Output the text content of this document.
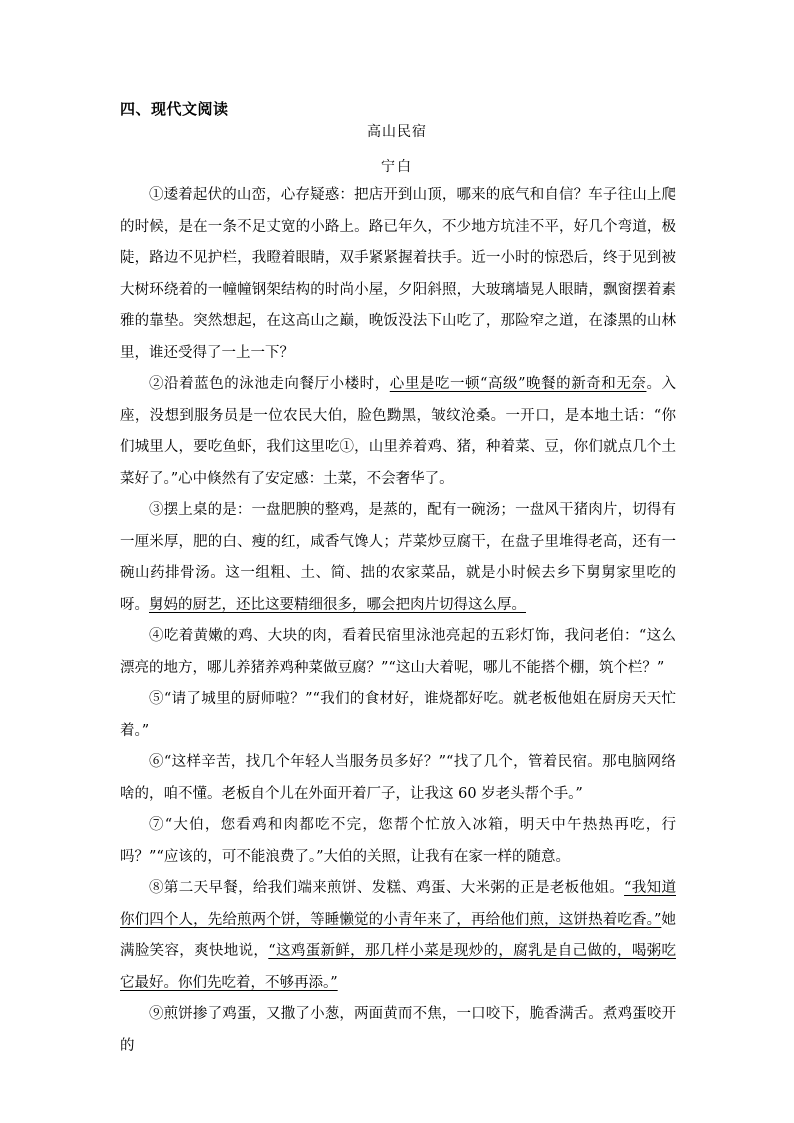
四、现代文阅读
高山民宿
宁白

①逶着起伏的山峦，心存疑惑：把店开到山顶，哪来的底气和自信？车子往山上爬的时候，是在一条不足丈宽的小路上。路已年久，不少地方坑洼不平，好几个弯道，极陡，路边不见护栏，我瞪着眼睛，双手紧紧握着扶手。近一小时的惊恐后，终于见到被大树环绕着的一幢幢钢架结构的时尚小屋，夕阳斜照，大玻璃墙晃人眼睛，飘窗摆着素雅的靠垫。突然想起，在这高山之巅，晚饭没法下山吃了，那险窄之道，在漆黑的山林里，谁还受得了一上一下？

②沿着蓝色的泳池走向餐厅小楼时，心里是吃一顿“高级”晚餐的新奇和无奈。入座，没想到服务员是一位农民大伯，脸色黝黑，皱纹沧桑。一开口，是本地土话：“你们城里人，要吃鱼虾，我们这里吃①，山里养着鸡、猪，种着菜、豆，你们就点几个土菜好了。”心中倏然有了安定感：土菜，不会奢华了。

③摆上桌的是：一盘肥腴的整鸡，是蒸的，配有一碗汤；一盘风干猪肉片，切得有一厘米厚，肥的白、瘦的红，咸香气馋人；芹菜炒豆腐干，在盘子里堆得老高，还有一碗山药排骨汤。这一组粗、土、简、拙的农家菜品，就是小时候去乡下舅舅家里吃的呀。舅妈的厨艺，还比这要精细很多，哪会把肉片切得这么厚。

④吃着黄嫩的鸡、大块的肉，看着民宿里泳池亮起的五彩灯饰，我问老伯：“这么漂亮的地方，哪儿养猪养鸡种菜做豆腐？”“这山大着呢，哪儿不能搭个棚，筑个栏？”

⑤“请了城里的厨师啦？”“我们的食材好，谁烧都好吃。就老板他姐在厨房天天忙着。”

⑥“这样辛苦，找几个年轻人当服务员多好？”“找了几个，管着民宿。那电脑网络啥的，咱不懂。老板自个儿在外面开着厂子，让我这 60 岁老头帮个手。”

⑦“大伯，您看鸡和肉都吃不完，您帮个忙放入冰箱，明天中午热热再吃，行吗？”“应该的，可不能浪费了。”大伯的关照，让我有在家一样的随意。

⑧第二天早餐，给我们端来煎饼、发糕、鸡蛋、大米粥的正是老板他姐。“我知道你们四个人，先给煎两个饼，等睡懒觉的小青年来了，再给他们煎，这饼热着吃香。”她满脸笑容，爽快地说，“这鸡蛋新鲜，那几样小菜是现炒的，腐乳是自己做的，喝粥吃它最好。你们先吃着，不够再添。”

⑨煎饼掺了鸡蛋，又撒了小葱，两面黄而不焦，一口咬下，脆香满舌。煮鸡蛋咬开的
